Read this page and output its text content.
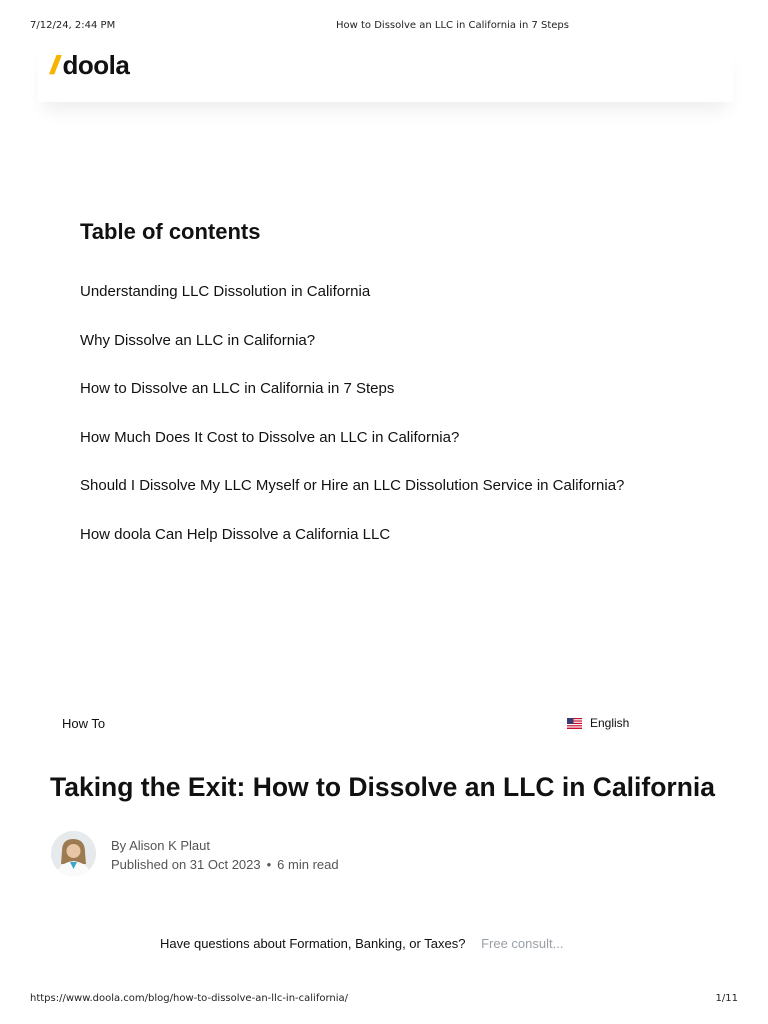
7/12/24, 2:44 PM	How to Dissolve an LLC in California in 7 Steps
// doola
Table of contents
Understanding LLC Dissolution in California
Why Dissolve an LLC in California?
How to Dissolve an LLC in California in 7 Steps
How Much Does It Cost to Dissolve an LLC in California?
Should I Dissolve My LLC Myself or Hire an LLC Dissolution Service in California?
How doola Can Help Dissolve a California LLC
How To	English
Taking the Exit: How to Dissolve an LLC in California
By Alison K Plaut
Published on 31 Oct 2023 • 6 min read
Have questions about Formation, Banking, or Taxes? Free consult...
https://www.doola.com/blog/how-to-dissolve-an-llc-in-california/	1/11
